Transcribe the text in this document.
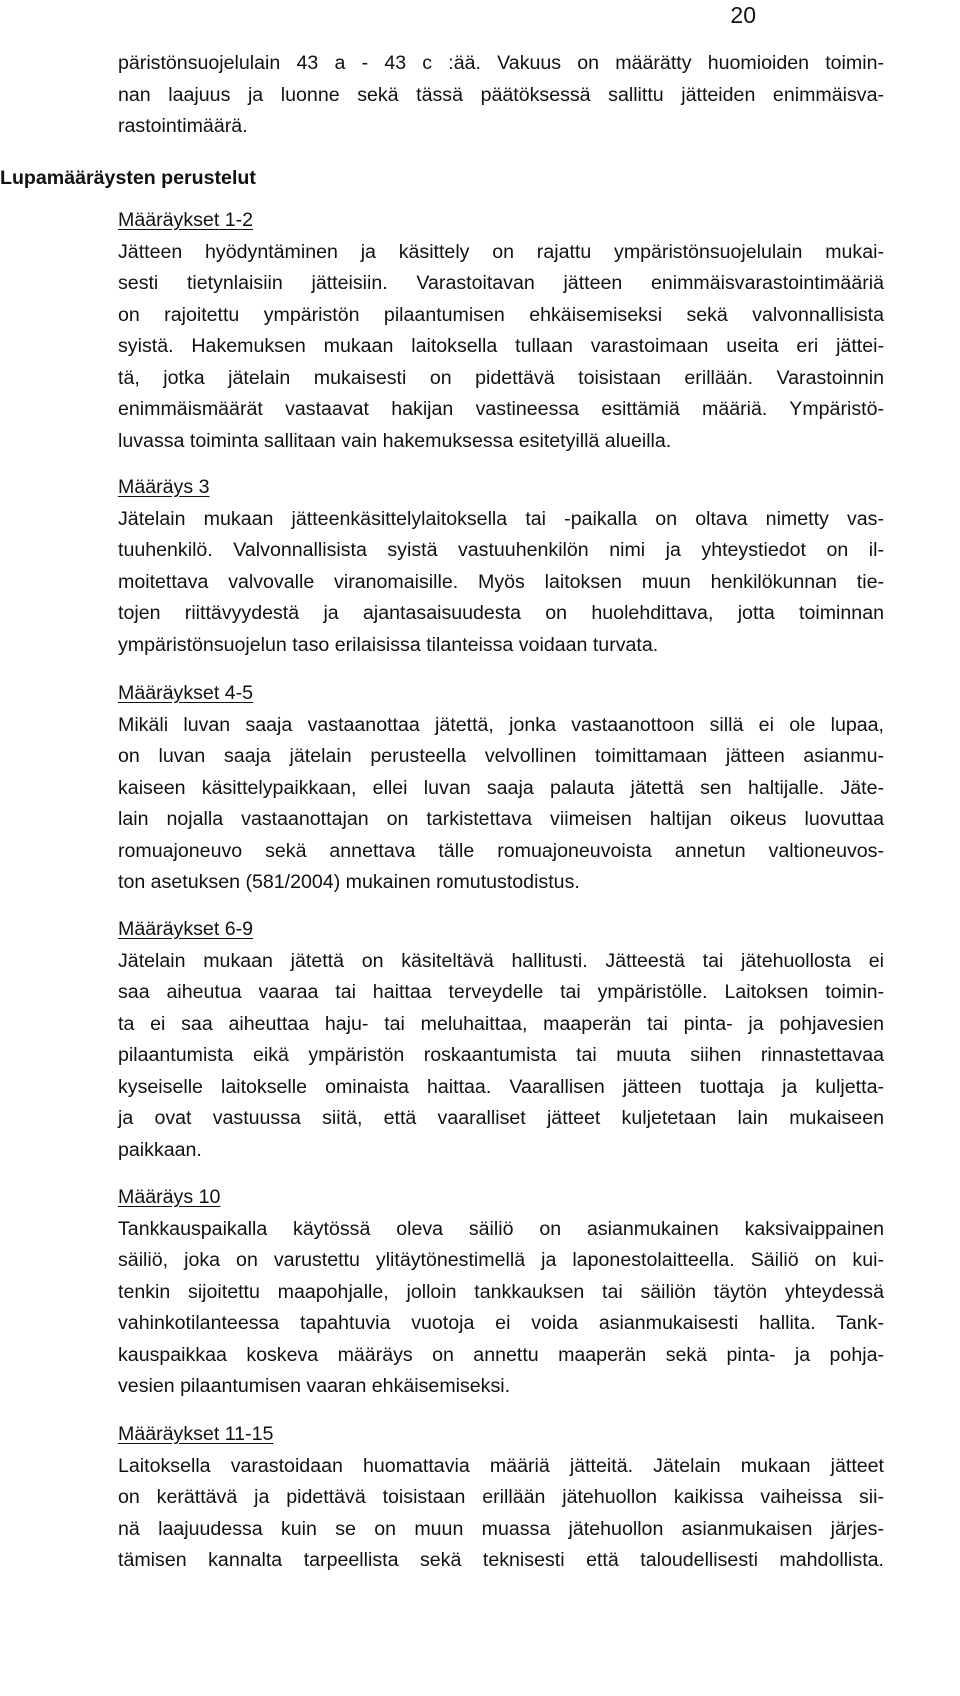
20
päristönsuojelulain 43 a - 43 c :ää. Vakuus on määrätty huomioiden toimin-
nan laajuus ja luonne sekä tässä päätöksessä sallittu jätteiden enimmäisva-
rastointimäärä.
Lupamääräysten perustelut
Määräykset 1-2
Jätteen hyödyntäminen ja käsittely on rajattu ympäristönsuojelulain mukai-
sesti tietynlaisiin jätteisiin. Varastoitavan jätteen enimmäisvarastointimääriä
on rajoitettu ympäristön pilaantumisen ehkäisemiseksi sekä valvonnallisista
syistä. Hakemuksen mukaan laitoksella tullaan varastoimaan useita eri jättei-
tä, jotka jätelain mukaisesti on pidettävä toisistaan erillään. Varastoinnin
enimmäismäärät vastaavat hakijan vastineessa esittämiä määriä. Ympäristö-
luvassa toiminta sallitaan vain hakemuksessa esitetyillä alueilla.
Määräys 3
Jätelain mukaan jätteenkäsittelylaitoksella tai -paikalla on oltava nimetty vas-
tuuhenkilö. Valvonnallisista syistä vastuuhenkilön nimi ja yhteystiedot on il-
moitettava valvovalle viranomaisille. Myös laitoksen muun henkilökunnan tie-
tojen riittävyydestä ja ajantasaisuudesta on huolehdittava, jotta toiminnan
ympäristönsuojelun taso erilaisissa tilanteissa voidaan turvata.
Määräykset 4-5
Mikäli luvan saaja vastaanottaa jätettä, jonka vastaanottoon sillä ei ole lupaa,
on luvan saaja jätelain perusteella velvollinen toimittamaan jätteen asianmu-
kaiseen käsittelypaikkaan, ellei luvan saaja palauta jätettä sen haltijalle. Jäte-
lain nojalla vastaanottajan on tarkistettava viimeisen haltijan oikeus luovuttaa
romuajoneuvo sekä annettava tälle romuajoneuvoista annetun valtioneuvos-
ton asetuksen (581/2004) mukainen romutustodistus.
Määräykset 6-9
Jätelain mukaan jätettä on käsiteltävä hallitusti. Jätteestä tai jätehuollosta ei
saa aiheutua vaaraa tai haittaa terveydelle tai ympäristölle. Laitoksen toimin-
ta ei saa aiheuttaa haju- tai meluhaittaa, maaperän tai pinta- ja pohjavesien
pilaantumista eikä ympäristön roskaantumista tai muuta siihen rinnastettavaa
kyseiselle laitokselle ominaista haittaa. Vaarallisen jätteen tuottaja ja kuljetta-
ja ovat vastuussa siitä, että vaaralliset jätteet kuljetetaan lain mukaiseen
paikkaan.
Määräys 10
Tankkauspaikalla käytössä oleva säiliö on asianmukainen kaksivaippainen
säiliö, joka on varustettu ylitäytönestimellä ja laponestolaitteella. Säiliö on kui-
tenkin sijoitettu maapohjalle, jolloin tankkauksen tai säiliön täytön yhteydessä
vahinkotilanteessa tapahtuvia vuotoja ei voida asianmukaisesti hallita. Tank-
kauspaikkaa koskeva määräys on annettu maaperän sekä pinta- ja pohja-
vesien pilaantumisen vaaran ehkäisemiseksi.
Määräykset 11-15
Laitoksella varastoidaan huomattavia määriä jätteitä. Jätelain mukaan jätteet
on kerättävä ja pidettävä toisistaan erillään jätehuollon kaikissa vaiheissa sii-
nä laajuudessa kuin se on muun muassa jätehuollon asianmukaisen järjes-
tämisen kannalta tarpeellista sekä teknisesti että taloudellisesti mahdollista.
